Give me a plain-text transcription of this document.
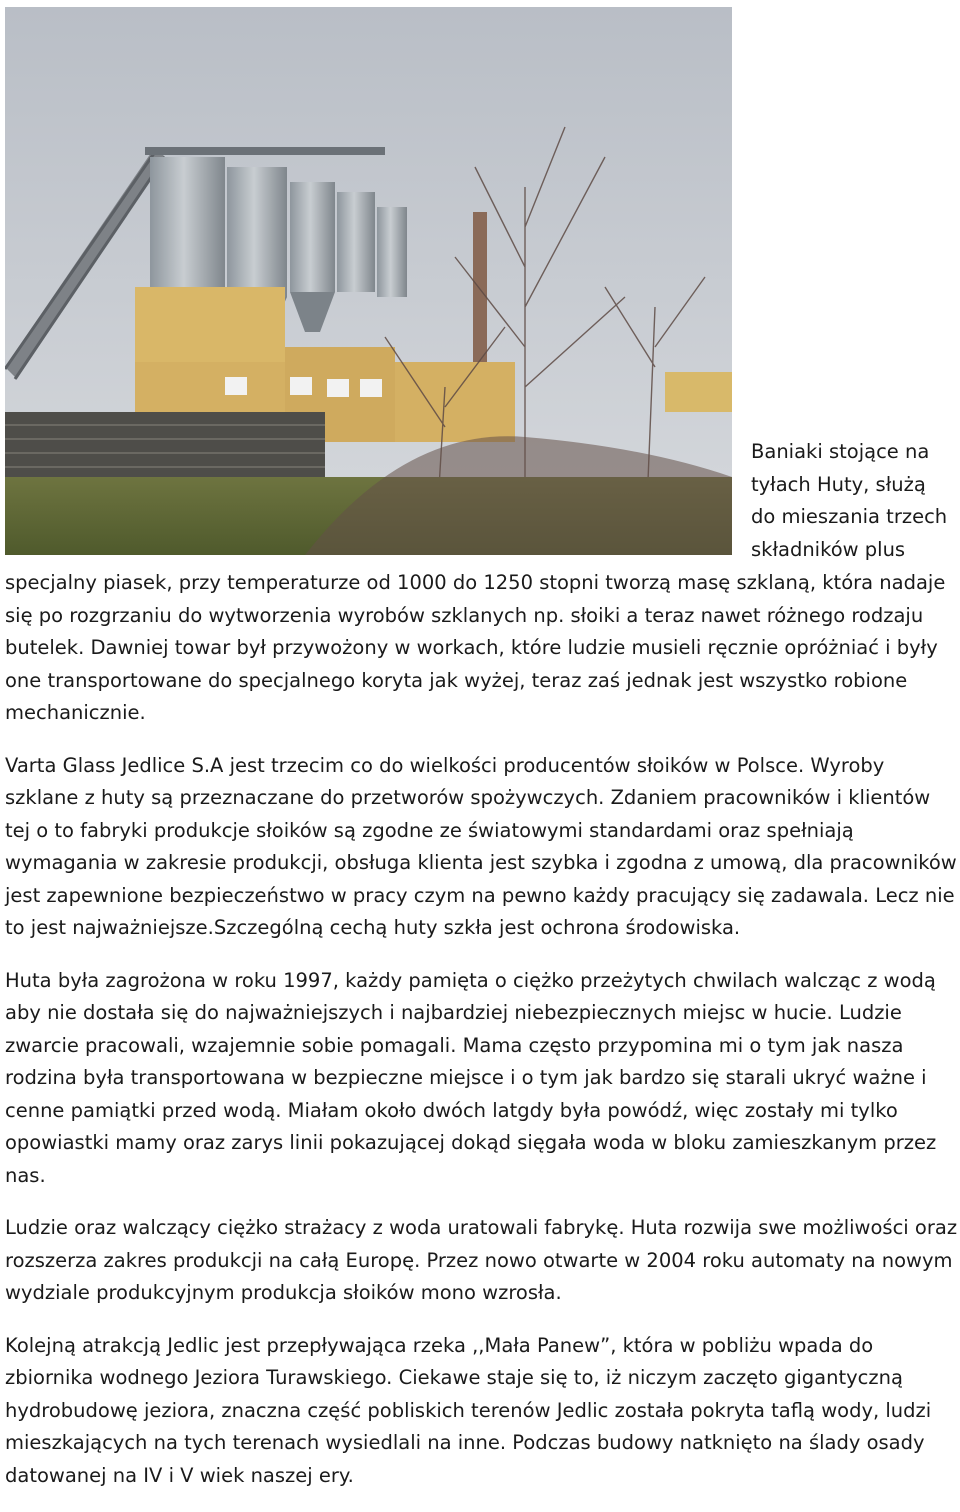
Baniaki stojące na tyłach Huty, służą do mieszania trzech składników plus

specjalny piasek, przy temperaturze od 1000 do 1250 stopni tworzą masę szklaną, która nadaje się po rozgrzaniu do wytworzenia wyrobów szklanych np. słoiki a teraz nawet różnego rodzaju butelek. Dawniej towar był przywożony w workach, które ludzie musieli ręcznie opróżniać i były one transportowane do specjalnego koryta jak wyżej, teraz zaś jednak jest wszystko robione mechanicznie.

Varta Glass Jedlice S.A jest trzecim co do wielkości producentów słoików w Polsce. Wyroby szklane z huty są przeznaczane do przetworów spożywczych. Zdaniem pracowników i klientów tej o to fabryki produkcje słoików są zgodne ze światowymi standardami oraz spełniają wymagania w zakresie produkcji, obsługa klienta jest szybka i zgodna z umową, dla pracowników jest zapewnione bezpieczeństwo w pracy czym na pewno każdy pracujący się zadawala. Lecz nie to jest najważniejsze.Szczególną cechą huty szkła jest ochrona środowiska.

Huta była zagrożona w roku 1997, każdy pamięta o ciężko przeżytych chwilach walcząc z wodą aby nie dostała się do najważniejszych i najbardziej niebezpiecznych miejsc w hucie. Ludzie zwarcie pracowali, wzajemnie sobie pomagali. Mama często przypomina mi o tym jak nasza rodzina była transportowana w bezpieczne miejsce i o tym jak bardzo się starali ukryć ważne i cenne pamiątki przed wodą. Miałam około dwóch latgdy była powódź, więc zostały mi tylko opowiastki mamy oraz zarys linii pokazującej dokąd sięgała woda w bloku zamieszkanym przez nas.

Ludzie oraz walczący ciężko strażacy z woda uratowali fabrykę. Huta rozwija swe możliwości oraz rozszerza zakres produkcji na całą Europę. Przez nowo otwarte w 2004 roku automaty na nowym wydziale produkcyjnym produkcja słoików mono wzrosła.

Kolejną atrakcją Jedlic jest przepływająca rzeka ,,Mała Panew”, która w pobliżu wpada do zbiornika wodnego Jeziora Turawskiego. Ciekawe staje się to, iż niczym zaczęto gigantyczną hydrobudowę jeziora, znaczna część pobliskich terenów Jedlic została pokryta taflą wody, ludzi mieszkających na tych terenach wysiedlali na inne. Podczas budowy natknięto na ślady osady datowanej na IV i V wiek naszej ery.
